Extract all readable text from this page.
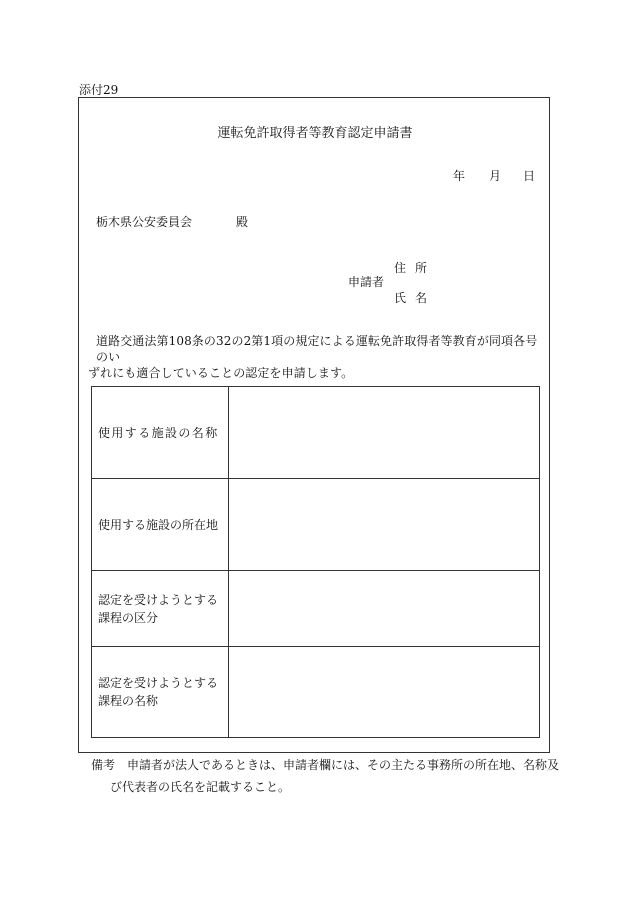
添付29
運転免許取得者等教育認定申請書
年 月 日
栃木県公安委員会	殿
住所
申請者
氏名
道路交通法第108条の32の2第1項の規定による運転免許取得者等教育が同項各号のい
ずれにも適合していることの認定を申請します。
使用する施設の名称	
使用する施設の所在地	
認定を受けようとする
課程の区分	
認定を受けようとする
課程の名称	
備考　申請者が法人であるときは、申請者欄には、その主たる事務所の所在地、名称及
び代表者の氏名を記載すること。
